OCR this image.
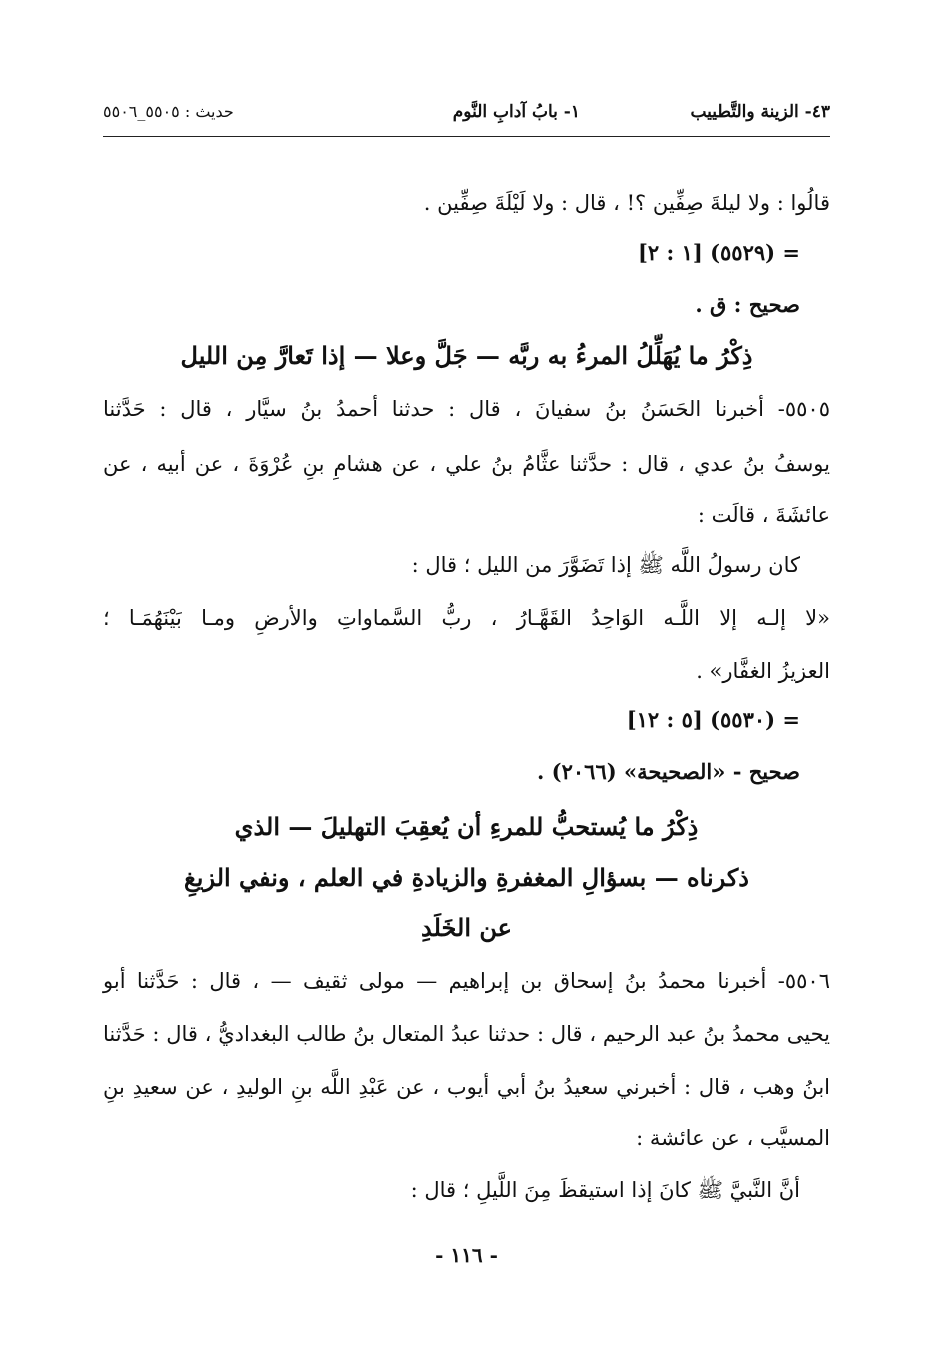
٤٣- الزينة والتَّطييب
١- بابُ آدابِ النَّوم
حديث : ٥٥٠٥_٥٥٠٦
قالُوا : ولا ليلةَ صِفِّين ؟! ، قال : ولا لَيْلَةَ صِفِّين .
= (٥٥٢٩) [١ : ٢]
صحيح : ق .
ذِكْرُ ما يُهَلِّلُ المرءُ به ربَّه — جَلَّ وعلا — إذا تَعارَّ مِن الليل
٥٥٠٥- أخبرنا الحَسَنُ بنُ سفيانَ ، قال : حدثنا أحمدُ بنُ سيَّار ، قال : حَدَّثنا
يوسفُ بنُ عدي ، قال : حدَّثنا عثَّامُ بنُ علي ، عن هشامِ بنِ عُرْوَةَ ، عن أبيه ، عن
عائشَةَ ، قالَت :
كان رسولُ اللَّه ﷺ إذا تَضَوَّرَ من الليل ؛ قال :
«لا إلـه إلا اللَّـه الوَاحِدُ القَهَّـارُ ، ربُّ السَّماواتِ والأرضِ ومـا بَيْنَهُمَـا ؛
العزيزُ الغفَّار» .
= (٥٥٣٠) [٥ : ١٢]
صحيح - «الصحيحة» (٢٠٦٦) .
ذِكْرُ ما يُستحبُّ للمرءِ أن يُعقِبَ التهليلَ — الذي
ذكرناه — بسؤالِ المغفرةِ والزيادةِ في العلم ، ونفي الزيغِ
عن الخَلَدِ
٥٥٠٦- أخبرنا محمدُ بنُ إسحاق بن إبراهيم — مولى ثقيف — ، قال : حَدَّثنا أبو
يحيى محمدُ بنُ عبد الرحيم ، قال : حدثنا عبدُ المتعال بنُ طالب البغداديُّ ، قال : حَدَّثنا
ابنُ وهب ، قال : أخبرني سعيدُ بنُ أبي أيوب ، عن عَبْدِ اللَّه بنِ الوليدِ ، عن سعيدِ بنِ
المسيَّب ، عن عائشة :
أنَّ النَّبيَّ ﷺ كانَ إذا استيقظَ مِنَ اللَّيلِ ؛ قال :
- ١١٦ -
